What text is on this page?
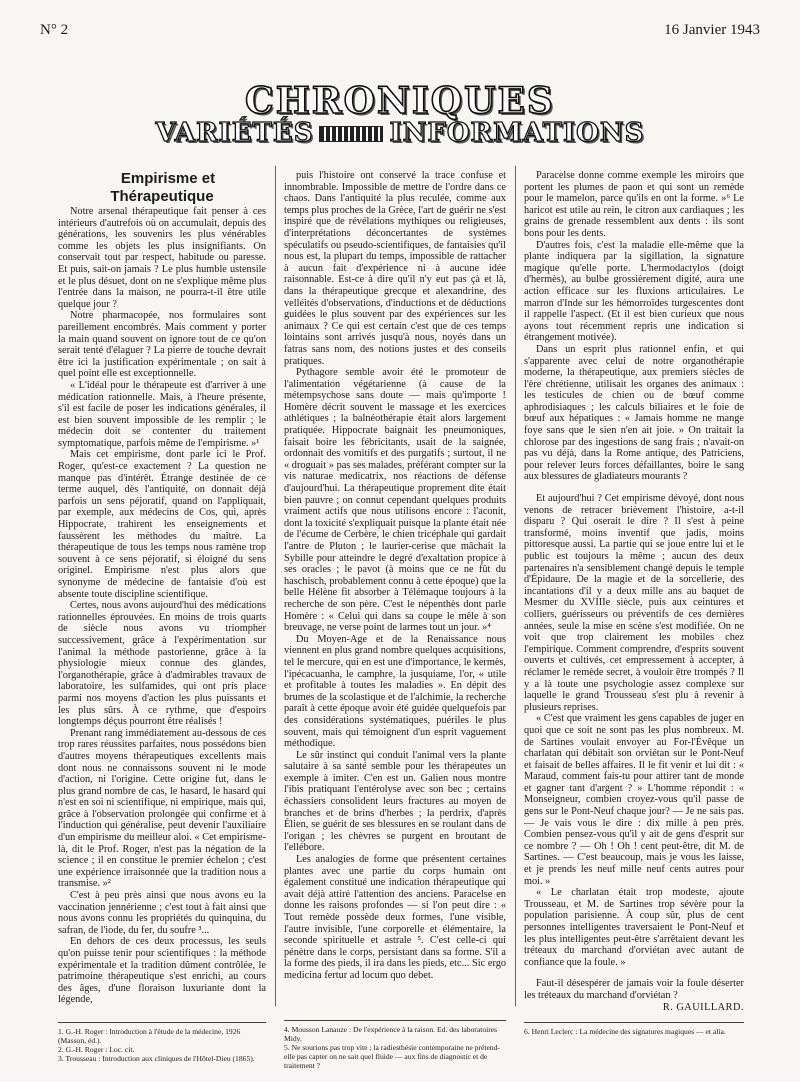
N° 2	16 Janvier 1943
CHRONIQUES
VARIÉTÉS	INFORMATIONS

Empirisme et Thérapeutique

Notre arsenal thérapeutique fait penser à ces intérieurs d'autrefois où on accumulait, depuis des générations, les souvenirs les plus vénérables comme les objets les plus insignifiants. On conservait tout par respect, habitude ou paresse. Et puis, sait-on jamais ? Le plus humble ustensile et le plus désuet, dont on ne s'explique même plus l'entrée dans la maison, ne pourra-t-il être utile quelque jour ?

Notre pharmacopée, nos formulaires sont pareillement encombrés. Mais comment y porter la main quand souvent on ignore tout de ce qu'on serait tenté d'élaguer ? La pierre de touche devrait être ici la justification expérimentale ; on sait à quel point elle est exceptionnelle.

« L'idéal pour le thérapeute est d'arriver à une médication rationnelle. Mais, à l'heure présente, s'il est facile de poser les indications générales, il est bien souvent impossible de les remplir ; le médecin doit se contenter du traitement symptomatique, parfois même de l'empirisme. »¹

Mais cet empirisme, dont parle ici le Prof. Roger, qu'est-ce exactement ? La question ne manque pas d'intérêt. Étrange destinée de ce terme auquel, dès l'antiquité, on donnait déjà parfois un sens péjoratif, quand on l'appliquait, par exemple, aux médecins de Cos, qui, après Hippocrate, trahirent les enseignements et faussèrent les méthodes du maître. La thérapeutique de tous les temps nous ramène trop souvent à ce sens péjoratif, si éloigné du sens originel. Empirisme n'est plus alors que synonyme de médecine de fantaisie d'où est absente toute discipline scientifique.

Certes, nous avons aujourd'hui des médications rationnelles éprouvées. En moins de trois quarts de siècle nous avons vu triompher successivement, grâce à l'expérimentation sur l'animal la méthode pastorienne, grâce à la physiologie mieux connue des glandes, l'organothérapie, grâce à d'admirables travaux de laboratoire, les sulfamides, qui ont pris place parmi nos moyens d'action les plus puissants et les plus sûrs. À ce rythme, que d'espoirs longtemps déçus pourront être réalisés !

Prenant rang immédiatement au-dessous de ces trop rares réussites parfaites, nous possédons bien d'autres moyens thérapeutiques excellents mais dont nous ne connaissons souvent ni le mode d'action, ni l'origine. Cette origine fut, dans le plus grand nombre de cas, le hasard, le hasard qui n'est en soi ni scientifique, ni empirique, mais qui, grâce à l'observation prolongée qui confirme et à l'induction qui généralise, peut devenir l'auxiliaire d'un empirisme du meilleur aloi. « Cet empirisme-là, dit le Prof. Roger, n'est pas la négation de la science ; il en constitue le premier échelon ; c'est une expérience irraisonnée que la tradition nous a transmise. »²

C'est à peu près ainsi que nous avons eu la vaccination jennérienne ; c'est tout à fait ainsi que nous avons connu les propriétés du quinquina, du safran, de l'iode, du fer, du soufre ³...

En dehors de ces deux processus, les seuls qu'on puisse tenir pour scientifiques : la méthode expérimentale et la tradition dûment contrôlée, le patrimoine thérapeutique s'est enrichi, au cours des âges, d'une floraison luxuriante dont la légende,

puis l'histoire ont conservé la trace confuse et innombrable. Impossible de mettre de l'ordre dans ce chaos. Dans l'antiquité la plus reculée, comme aux temps plus proches de la Grèce, l'art de guérir ne s'est inspiré que de révélations mythiques ou religieuses, d'interprétations déconcertantes de systèmes spéculatifs ou pseudo-scientifiques, de fantaisies qu'il nous est, la plupart du temps, impossible de rattacher à aucun fait d'expérience ni à aucune idée raisonnable. Est-ce à dire qu'il n'y eut pas çà et là, dans la thérapeutique grecque et alexandrine, des velléités d'observations, d'inductions et de déductions guidées le plus souvent par des expériences sur les animaux ? Ce qui est certain c'est que de ces temps lointains sont arrivés jusqu'à nous, noyés dans un fatras sans nom, des notions justes et des conseils pratiques.

Pythagore semble avoir été le promoteur de l'alimentation végétarienne (à cause de la métempsychose sans doute — mais qu'importe ! Homère décrit souvent le massage et les exercices athlétiques ; la balnéothérapie était alors largement pratiquée. Hippocrate baignait les pneumoniques, faisait boire les fébricitants, usait de la saignée, ordonnait des vomitifs et des purgatifs ; surtout, il ne « droguait » pas ses malades, préférant compter sur la vis naturae medicatrix, nos réactions de défense d'aujourd'hui. La thérapeutique proprement dite était bien pauvre ; on connut cependant quelques produits vraiment actifs que nous utilisons encore : l'aconit, dont la toxicité s'expliquait puisque la plante était née de l'écume de Cerbère, le chien tricéphale qui gardait l'antre de Pluton ; le laurier-cerise que mâchait la Sybille pour atteindre le degré d'exaltation propice à ses oracles ; le pavot (à moins que ce ne fût du haschisch, probablement connu à cette époque) que la belle Hélène fit absorber à Télémaque toujours à la recherche de son père. C'est le népenthès dont parle Homère : « Celui qui dans sa coupe le mêle à son breuvage, ne verse point de larmes tout un jour. »⁴

Du Moyen-Age et de la Renaissance nous viennent en plus grand nombre quelques acquisitions, tel le mercure, qui en est une d'importance, le kermès, l'ipécacuanha, le camphre, la jusquiame, l'or, « utile et profitable à toutes les maladies ». En dépit des brumes de la scolastique et de l'alchimie, la recherche paraît à cette époque avoir été guidée quelquefois par des considérations systématiques, puériles le plus souvent, mais qui témoignent d'un esprit vaguement méthodique.

Le sûr instinct qui conduit l'animal vers la plante salutaire à sa santé semble pour les thérapeutes un exemple à imiter. C'en est un. Galien nous montre l'ibis pratiquant l'entérolyse avec son bec ; certains échassiers consolident leurs fractures au moyen de branches et de brins d'herbes ; la perdrix, d'après Élien, se guérit de ses blessures en se roulant dans de l'origan ; les chèvres se purgent en broutant de l'ellébore.

Les analogies de forme que présentent certaines plantes avec une partie du corps humain ont également constitué une indication thérapeutique qui avait déjà attiré l'attention des anciens. Paracelse en donne les raisons profondes — si l'on peut dire : « Tout remède possède deux formes, l'une visible, l'autre invisible, l'une corporelle et élémentaire, la seconde spirituelle et astrale ⁵. C'est celle-ci qui pénètre dans le corps, persistant dans sa forme. S'il a la forme des pieds, il ira dans les pieds, etc... Sic ergo medicina fertur ad locum quo debet.

Paracelse donne comme exemple les miroirs que portent les plumes de paon et qui sont un remède pour le mamelon, parce qu'ils en ont la forme. »⁶ Le haricot est utile au rein, le citron aux cardiaques ; les grains de grenade ressemblent aux dents : ils sont bons pour les dents.

D'autres fois, c'est la maladie elle-même que la plante indiquera par la sigillation, la signature magique qu'elle porte. L'hermodactylos (doigt d'hermès), au bulbe grossièrement digité, aura une action efficace sur les fluxions articulaires. Le marron d'Inde sur les hémorroïdes turgescentes dont il rappelle l'aspect. (Et il est bien curieux que nous ayons tout récemment repris une indication si étrangement motivée).

Dans un esprit plus rationnel enfin, et qui s'apparente avec celui de notre organothérapie moderne, la thérapeutique, aux premiers siècles de l'ère chrétienne, utilisait les organes des animaux : les testicules de chien ou de bœuf comme aphrodisiaques ; les calculs biliaires et le foie de bœuf aux hépatiques : « Jamais homme ne mange foye sans que le sien n'en ait joie. » On traitait la chlorose par des ingestions de sang frais ; n'avait-on pas vu déjà, dans la Rome antique, des Patriciens, pour relever leurs forces défaillantes, boire le sang aux blessures de gladiateurs mourants ?

Et aujourd'hui ? Cet empirisme dévoyé, dont nous venons de retracer brièvement l'histoire, a-t-il disparu ? Qui oserait le dire ? Il s'est à peine transformé, moins inventif que jadis, moins pittoresque aussi. La partie qui se joue entre lui et le public est toujours la même ; aucun des deux partenaires n'a sensiblement changé depuis le temple d'Épidaure. De la magie et de la sorcellerie, des incantations d'il y a deux mille ans au baquet de Mesmer du XVIIIe siècle, puis aux ceintures et colliers, guérisseurs ou préventifs de ces dernières années, seule la mise en scène s'est modifiée. On ne voit que trop clairement les mobiles chez l'empirique. Comment comprendre, d'esprits souvent ouverts et cultivés, cet empressement à accepter, à réclamer le remède secret, à vouloir être trompés ? Il y a là toute une psychologie assez complexe sur laquelle le grand Trousseau s'est plu à revenir à plusieurs reprises.

« C'est que vraiment les gens capables de juger en quoi que ce soit ne sont pas les plus nombreux. M. de Sartines voulait envoyer au For-l'Évêque un charlatan qui débitait son orviétan sur le Pont-Neuf et faisait de belles affaires. Il le fit venir et lui dit : « Maraud, comment fais-tu pour attirer tant de monde et gagner tant d'argent ? » L'homme répondit : « Monseigneur, combien croyez-vous qu'il passe de gens sur le Pont-Neuf chaque jour? — Je ne sais pas. — Je vais vous le dire : dix mille à peu près. Combien pensez-vous qu'il y ait de gens d'esprit sur ce nombre ? — Oh ! Oh ! cent peut-être, dit M. de Sartines. — C'est beaucoup, mais je vous les laisse, et je prends les neuf mille neuf cents autres pour moi. »

« Le charlatan était trop modeste, ajoute Trousseau, et M. de Sartines trop sévère pour la population parisienne. À coup sûr, plus de cent personnes intelligentes traversaient le Pont-Neuf et les plus intelligentes peut-être s'arrêtaient devant les tréteaux du marchand d'orviétan avec autant de confiance que la foule. »

Faut-il désespérer de jamais voir la foule déserter les tréteaux du marchand d'orviétan ?

R. GAUILLARD.

1. G.-H. Roger : Introduction à l'étude de la médecine, 1926 (Masson, éd.).

2. G.-H. Roger : Loc. cit.

3. Trousseau : Introduction aux cliniques de l'Hôtel-Dieu (1865).

4. Mousson Lanauze : De l'expérience à la raison. Ed. des laboratoires Midy.

5. Ne sourions pas trop vite ; la radiesthésie contemporaine ne prétend-elle pas capter on ne sait quel fluide — aux fins de diagnostic et de traitement ?

6. Henri Leclerc : La médecine des signatures magiques — et alia.
